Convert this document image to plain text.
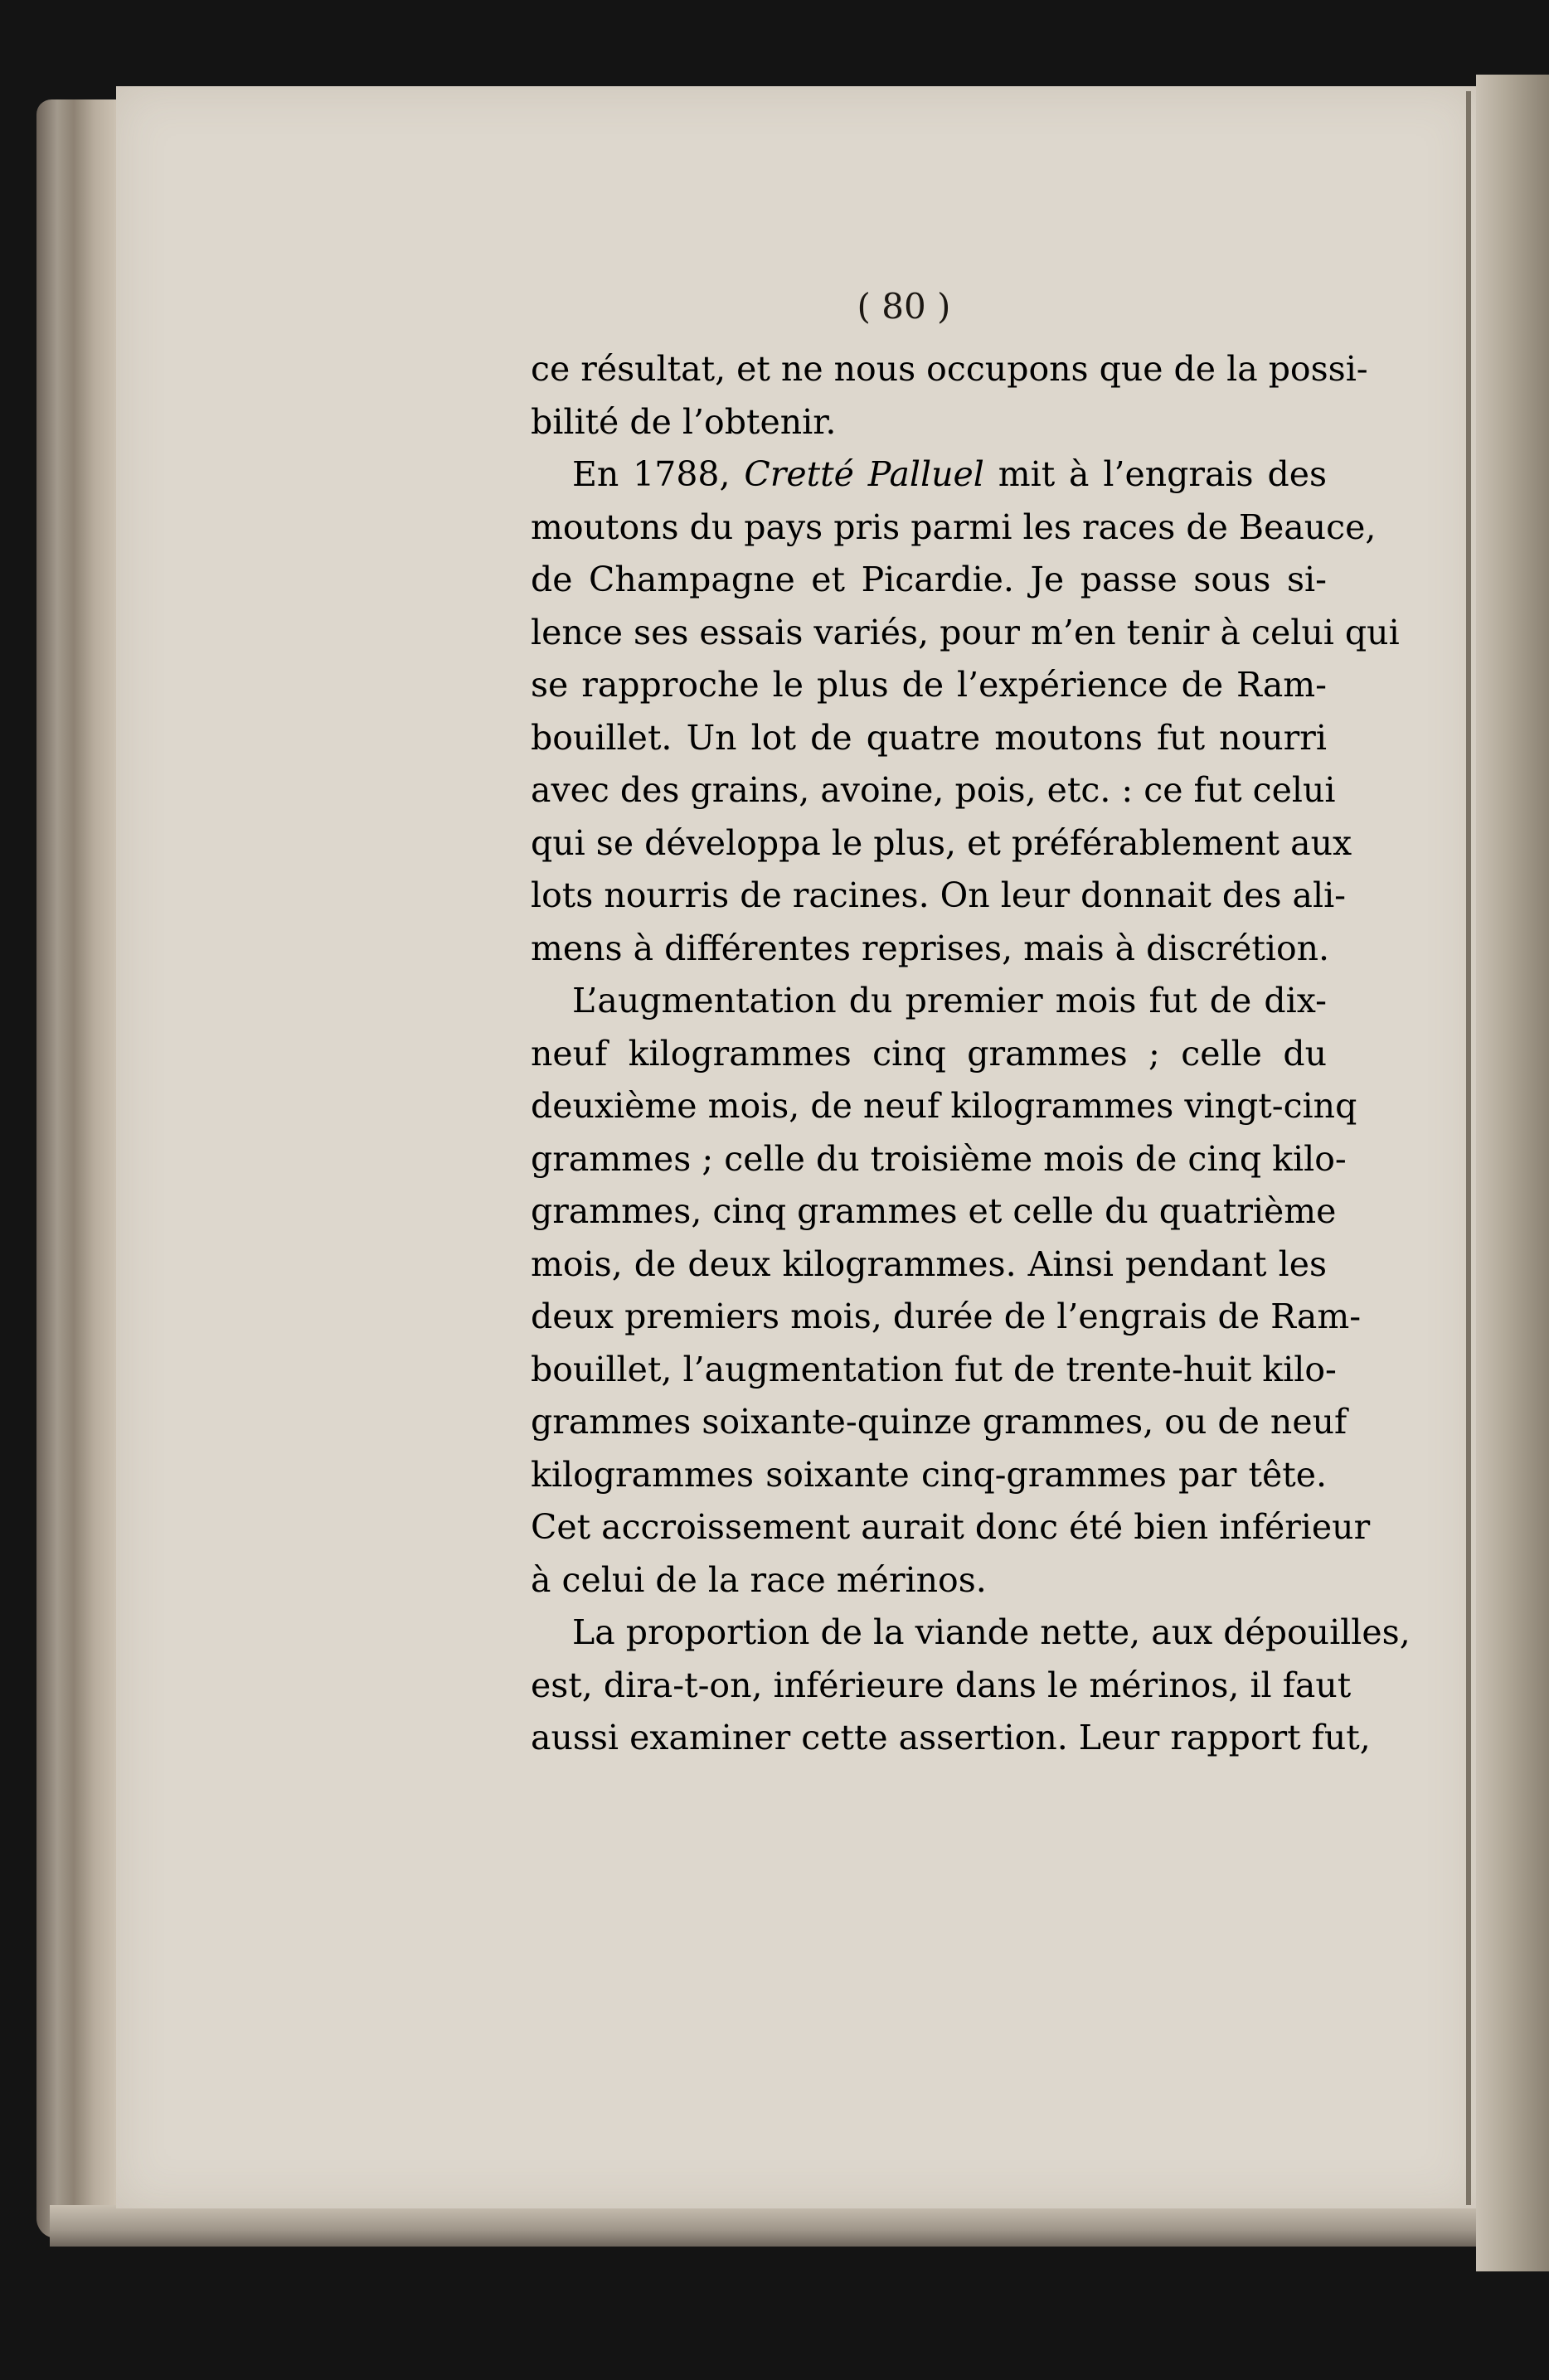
( 80 )
ce résultat, et ne nous occupons que de la possi-
bilité de l’obtenir.
En 1788, Cretté Palluel mit à l’engrais des
moutons du pays pris parmi les races de Beauce,
de Champagne et Picardie. Je passe sous si-
lence ses essais variés, pour m’en tenir à celui qui
se rapproche le plus de l’expérience de Ram-
bouillet. Un lot de quatre moutons fut nourri
avec des grains, avoine, pois, etc. : ce fut celui
qui se développa le plus, et préférablement aux
lots nourris de racines. On leur donnait des ali-
mens à différentes reprises, mais à discrétion.
L’augmentation du premier mois fut de dix-
neuf kilogrammes cinq grammes ; celle du
deuxième mois, de neuf kilogrammes vingt-cinq
grammes ; celle du troisième mois de cinq kilo-
grammes, cinq grammes et celle du quatrième
mois, de deux kilogrammes. Ainsi pendant les
deux premiers mois, durée de l’engrais de Ram-
bouillet, l’augmentation fut de trente-huit kilo-
grammes soixante-quinze grammes, ou de neuf
kilogrammes soixante cinq-grammes par tête.
Cet accroissement aurait donc été bien inférieur
à celui de la race mérinos.
La proportion de la viande nette, aux dépouilles,
est, dira-t-on, inférieure dans le mérinos, il faut
aussi examiner cette assertion. Leur rapport fut,
